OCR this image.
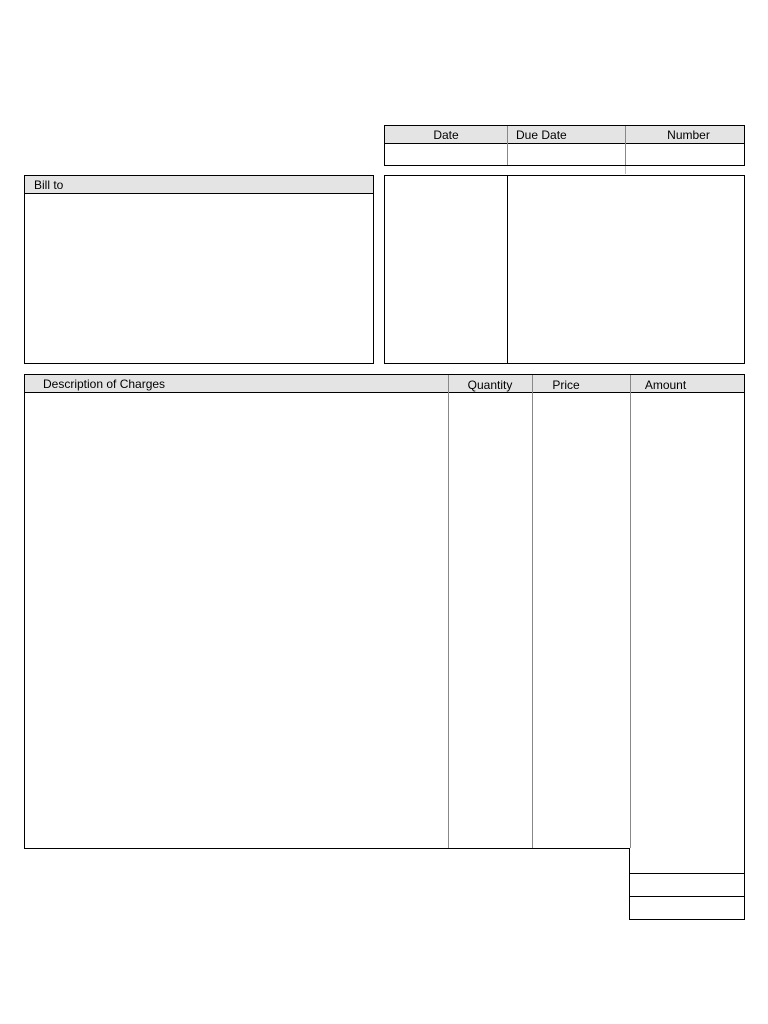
Date	Due Date	Number
Bill to
Description of Charges	Quantity	Price	Amount
